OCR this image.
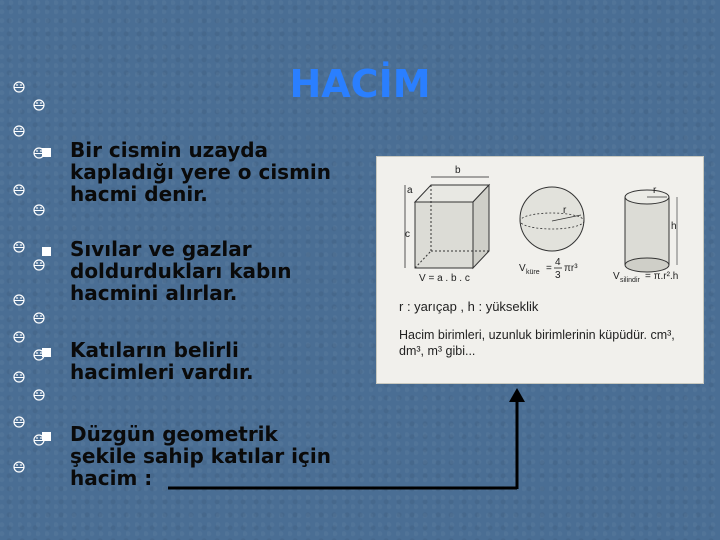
HACİM
Bir cismin uzayda
kapladığı yere o cismin
hacmi denir.
Sıvılar ve gazlar
doldurdukları kabın
hacmini alırlar.
Katıların belirli
hacimleri vardır.
Düzgün geometrik
şekile sahip katılar için
hacim :
b
a
c
V = a . b . c
r
V küre =
4
3
πr³
r
h
V silindir = π.r².h
r : yarıçap , h : yükseklik
Hacim birimleri, uzunluk birimlerinin küpüdür. cm³,
dm³, m³ gibi...
